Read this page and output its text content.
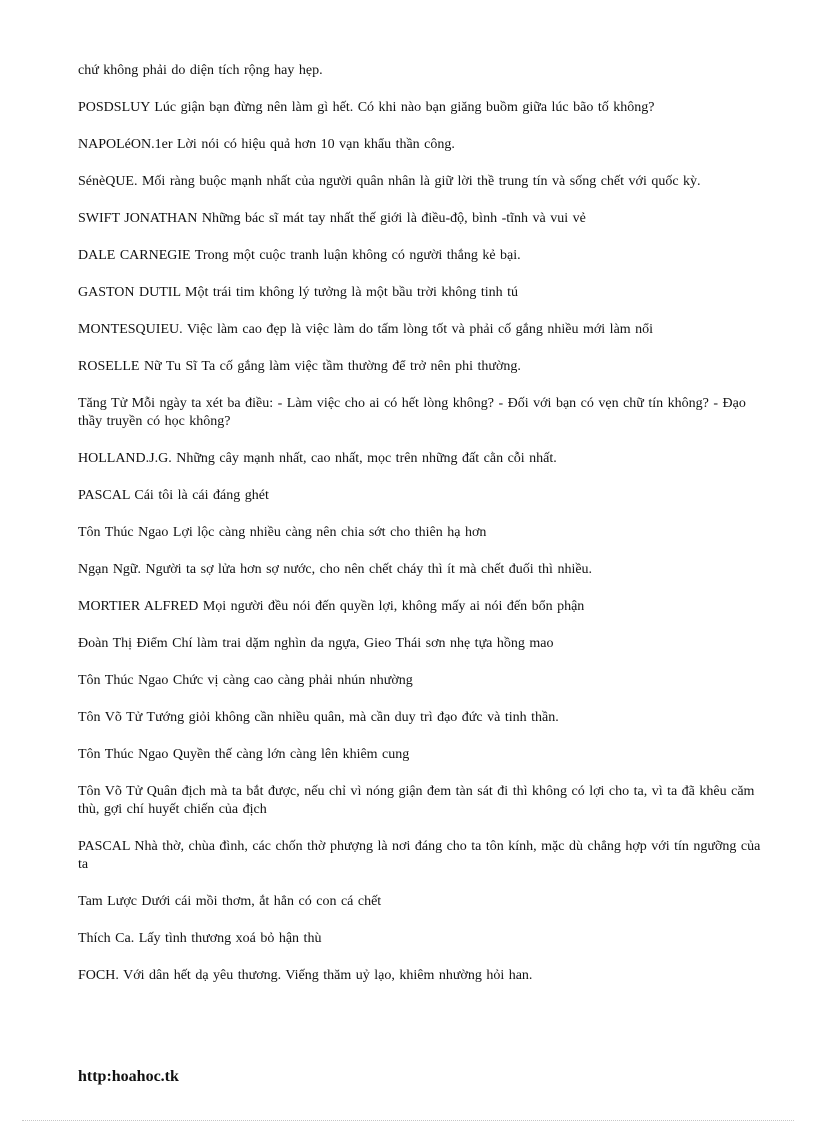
chứ không phải do diện tích rộng hay hẹp.

POSDSLUY Lúc giận bạn đừng nên làm gì hết. Có khi nào bạn giăng buồm giữa lúc bão tố không?

NAPOLéON.1er Lời nói có hiệu quả hơn 10 vạn khẩu thần công.

SénèQUE. Mối ràng buộc mạnh nhất của người quân nhân là giữ lời thề trung tín và sống chết với quốc kỳ.

SWIFT JONATHAN Những bác sĩ mát tay nhất thế giới là điều-độ, bình -tĩnh và vui vẻ

DALE CARNEGIE Trong một cuộc tranh luận không có người thắng kẻ bại.

GASTON DUTIL Một trái tim không lý tưởng là một bầu trời không tinh tú

MONTESQUIEU. Việc làm cao đẹp là việc làm do tấm lòng tốt và phải cố gắng nhiều mới làm nổi

ROSELLE Nữ Tu Sĩ Ta cố gắng làm việc tầm thường để trở nên phi thường.

Tăng Tử Mỗi ngày ta xét ba điều: - Làm việc cho ai có hết lòng không? - Đối với bạn có vẹn chữ tín không? - Đạo thầy truyền có học không?

HOLLAND.J.G. Những cây mạnh nhất, cao nhất, mọc trên những đất cằn cỗi nhất.

PASCAL Cái tôi là cái đáng ghét

Tôn Thúc Ngao Lợi lộc càng nhiều càng nên chia sớt cho thiên hạ hơn

Ngạn Ngữ. Người ta sợ lửa hơn sợ nước, cho nên chết cháy thì ít mà chết đuối thì nhiều.

MORTIER ALFRED Mọi người đều nói đến quyền lợi, không mấy ai nói đến bổn phận

Đoàn Thị Điểm Chí làm trai dặm nghìn da ngựa, Gieo Thái sơn nhẹ tựa hồng mao

Tôn Thúc Ngao Chức vị càng cao càng phải nhún nhường

Tôn Võ Tử Tướng giỏi không cần nhiều quân, mà cần duy trì đạo đức và tinh thần.

Tôn Thúc Ngao Quyền thế càng lớn càng lên khiêm cung

Tôn Võ Tử Quân địch mà ta bắt được, nếu chỉ vì nóng giận đem tàn sát đi thì không có lợi cho ta, vì ta đã khêu căm thù, gợi chí huyết chiến của địch

PASCAL Nhà thờ, chùa đình, các chốn thờ phượng là nơi đáng cho ta tôn kính, mặc dù chẳng hợp với tín ngưỡng của ta

Tam Lược Dưới cái mồi thơm, ắt hẳn có con cá chết

Thích Ca. Lấy tình thương xoá bỏ hận thù

FOCH. Với dân hết dạ yêu thương. Viếng thăm uỷ lạo, khiêm nhường hỏi han.

http:hoahoc.tk
